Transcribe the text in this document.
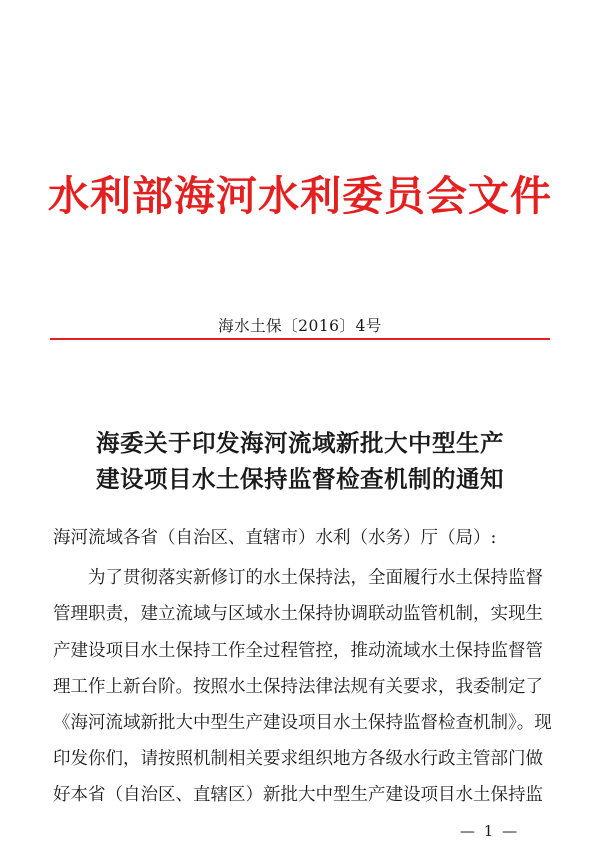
水利部海河水利委员会文件
海水土保〔2016〕4号
海委关于印发海河流域新批大中型生产
建设项目水土保持监督检查机制的通知
海河流域各省（自治区、直辖市）水利（水务）厅（局）:
为了贯彻落实新修订的水土保持法，全面履行水土保持监督
管理职责，建立流域与区域水土保持协调联动监管机制，实现生
产建设项目水土保持工作全过程管控，推动流域水土保持监督管
理工作上新台阶。按照水土保持法律法规有关要求，我委制定了
《海河流域新批大中型生产建设项目水土保持监督检查机制》。现
印发你们，请按照机制相关要求组织地方各级水行政主管部门做
好本省（自治区、直辖区）新批大中型生产建设项目水土保持监
— 1 —
